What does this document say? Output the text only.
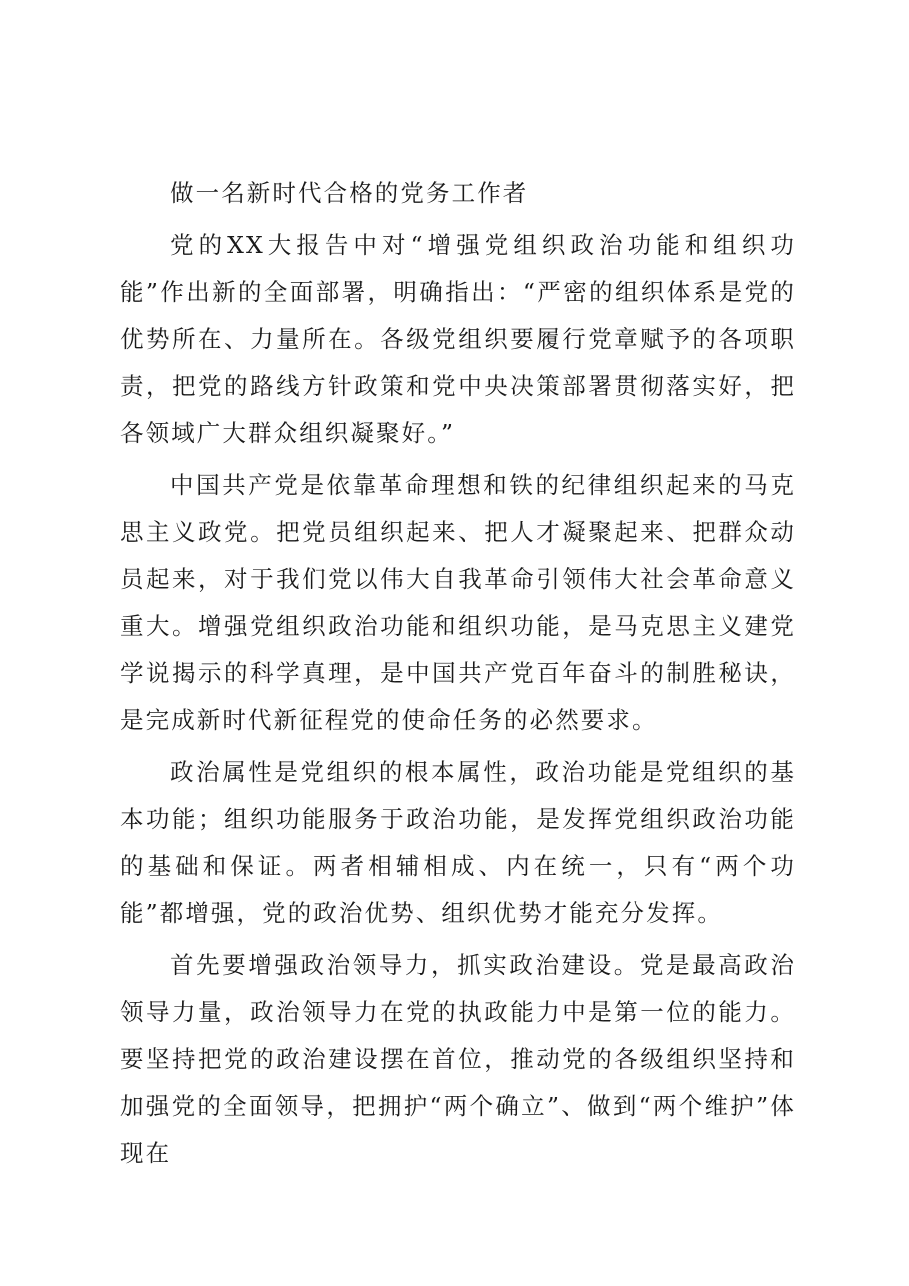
做一名新时代合格的党务工作者

党的XX大报告中对“增强党组织政治功能和组织功能”作出新的全面部署，明确指出：“严密的组织体系是党的优势所在、力量所在。各级党组织要履行党章赋予的各项职责，把党的路线方针政策和党中央决策部署贯彻落实好，把各领域广大群众组织凝聚好。”

中国共产党是依靠革命理想和铁的纪律组织起来的马克思主义政党。把党员组织起来、把人才凝聚起来、把群众动员起来，对于我们党以伟大自我革命引领伟大社会革命意义重大。增强党组织政治功能和组织功能，是马克思主义建党学说揭示的科学真理，是中国共产党百年奋斗的制胜秘诀，是完成新时代新征程党的使命任务的必然要求。

政治属性是党组织的根本属性，政治功能是党组织的基本功能；组织功能服务于政治功能，是发挥党组织政治功能的基础和保证。两者相辅相成、内在统一，只有“两个功能”都增强，党的政治优势、组织优势才能充分发挥。

首先要增强政治领导力，抓实政治建设。党是最高政治领导力量，政治领导力在党的执政能力中是第一位的能力。要坚持把党的政治建设摆在首位，推动党的各级组织坚持和加强党的全面领导，把拥护“两个确立”、做到“两个维护”体现在
